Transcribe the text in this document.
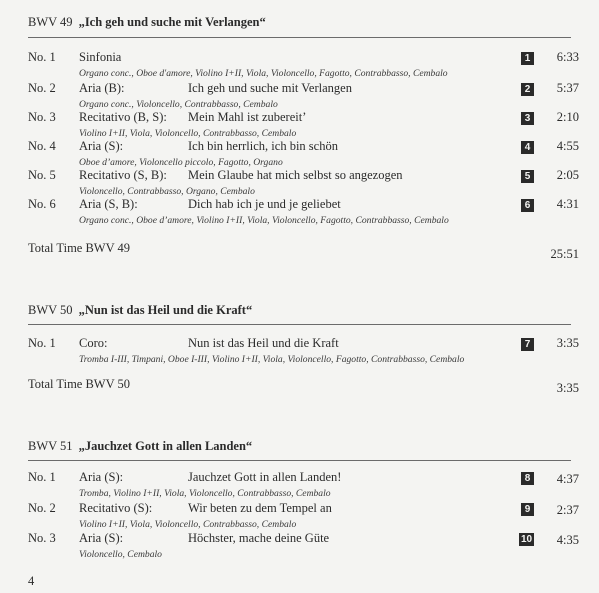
BWV 49 „Ich geh und suche mit Verlangen“
No. 1 Sinfonia
Organo conc., Oboe d'amore, Violino I+II, Viola, Violoncello, Fagotto, Contrabbasso, Cembalo
1 6:33
No. 2 Aria (B):	Ich geh und suche mit Verlangen
Organo conc., Violoncello, Contrabbasso, Cembalo
2 5:37
No. 3 Recitativo (B, S): Mein Mahl ist zubereit’
Violino I+II, Viola, Violoncello, Contrabbasso, Cembalo
3 2:10
No. 4 Aria (S):	Ich bin herrlich, ich bin schön
Oboe d’amore, Violoncello piccolo, Fagotto, Organo
4 4:55
No. 5 Recitativo (S, B): Mein Glaube hat mich selbst so angezogen
Violoncello, Contrabbasso, Organo, Cembalo
5 2:05
No. 6 Aria (S, B):	Dich hab ich je und je geliebet
Organo conc., Oboe d’amore, Violino I+II, Viola, Violoncello, Fagotto, Contrabbasso, Cembalo
6 4:31
Total Time BWV 49	25:51
BWV 50 „Nun ist das Heil und die Kraft“
No. 1 Coro:	Nun ist das Heil und die Kraft
Tromba I-III, Timpani, Oboe I-III, Violino I+II, Viola, Violoncello, Fagotto, Contrabbasso, Cembalo
7 3:35
Total Time BWV 50	3:35
BWV 51 „Jauchzet Gott in allen Landen“
No. 1 Aria (S):	Jauchzet Gott in allen Landen!
Tromba, Violino I+II, Viola, Violoncello, Contrabbasso, Cembalo
8 4:37
No. 2 Recitativo (S):	Wir beten zu dem Tempel an
Violino I+II, Viola, Violoncello, Contrabbasso, Cembalo
9 2:37
No. 3 Aria (S):	Höchster, mache deine Güte
Violoncello, Cembalo
10 4:35
4
